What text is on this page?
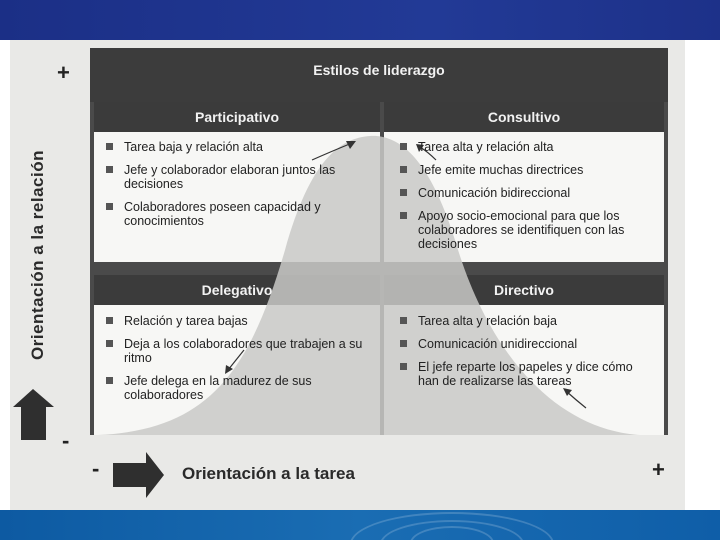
Estilos de liderazgo
Participativo	Consultivo
Delegativo	Directivo
Tarea baja y relación alta
Jefe y colaborador elaboran juntos las decisiones
Colaboradores poseen capacidad y conocimientos
Tarea alta y relación alta
Jefe emite muchas directrices
Comunicación bidireccional
Apoyo socio-emocional para que los colaboradores se identifiquen con las decisiones
Relación y tarea bajas
Deja a los colaboradores que trabajen a su ritmo
Jefe delega en la madurez de sus colaboradores
Tarea alta y relación baja
Comunicación unidireccional
El jefe reparte los papeles y dice cómo han de realizarse las tareas
Orientación a la relación
+
-
-	Orientación a la tarea	+
